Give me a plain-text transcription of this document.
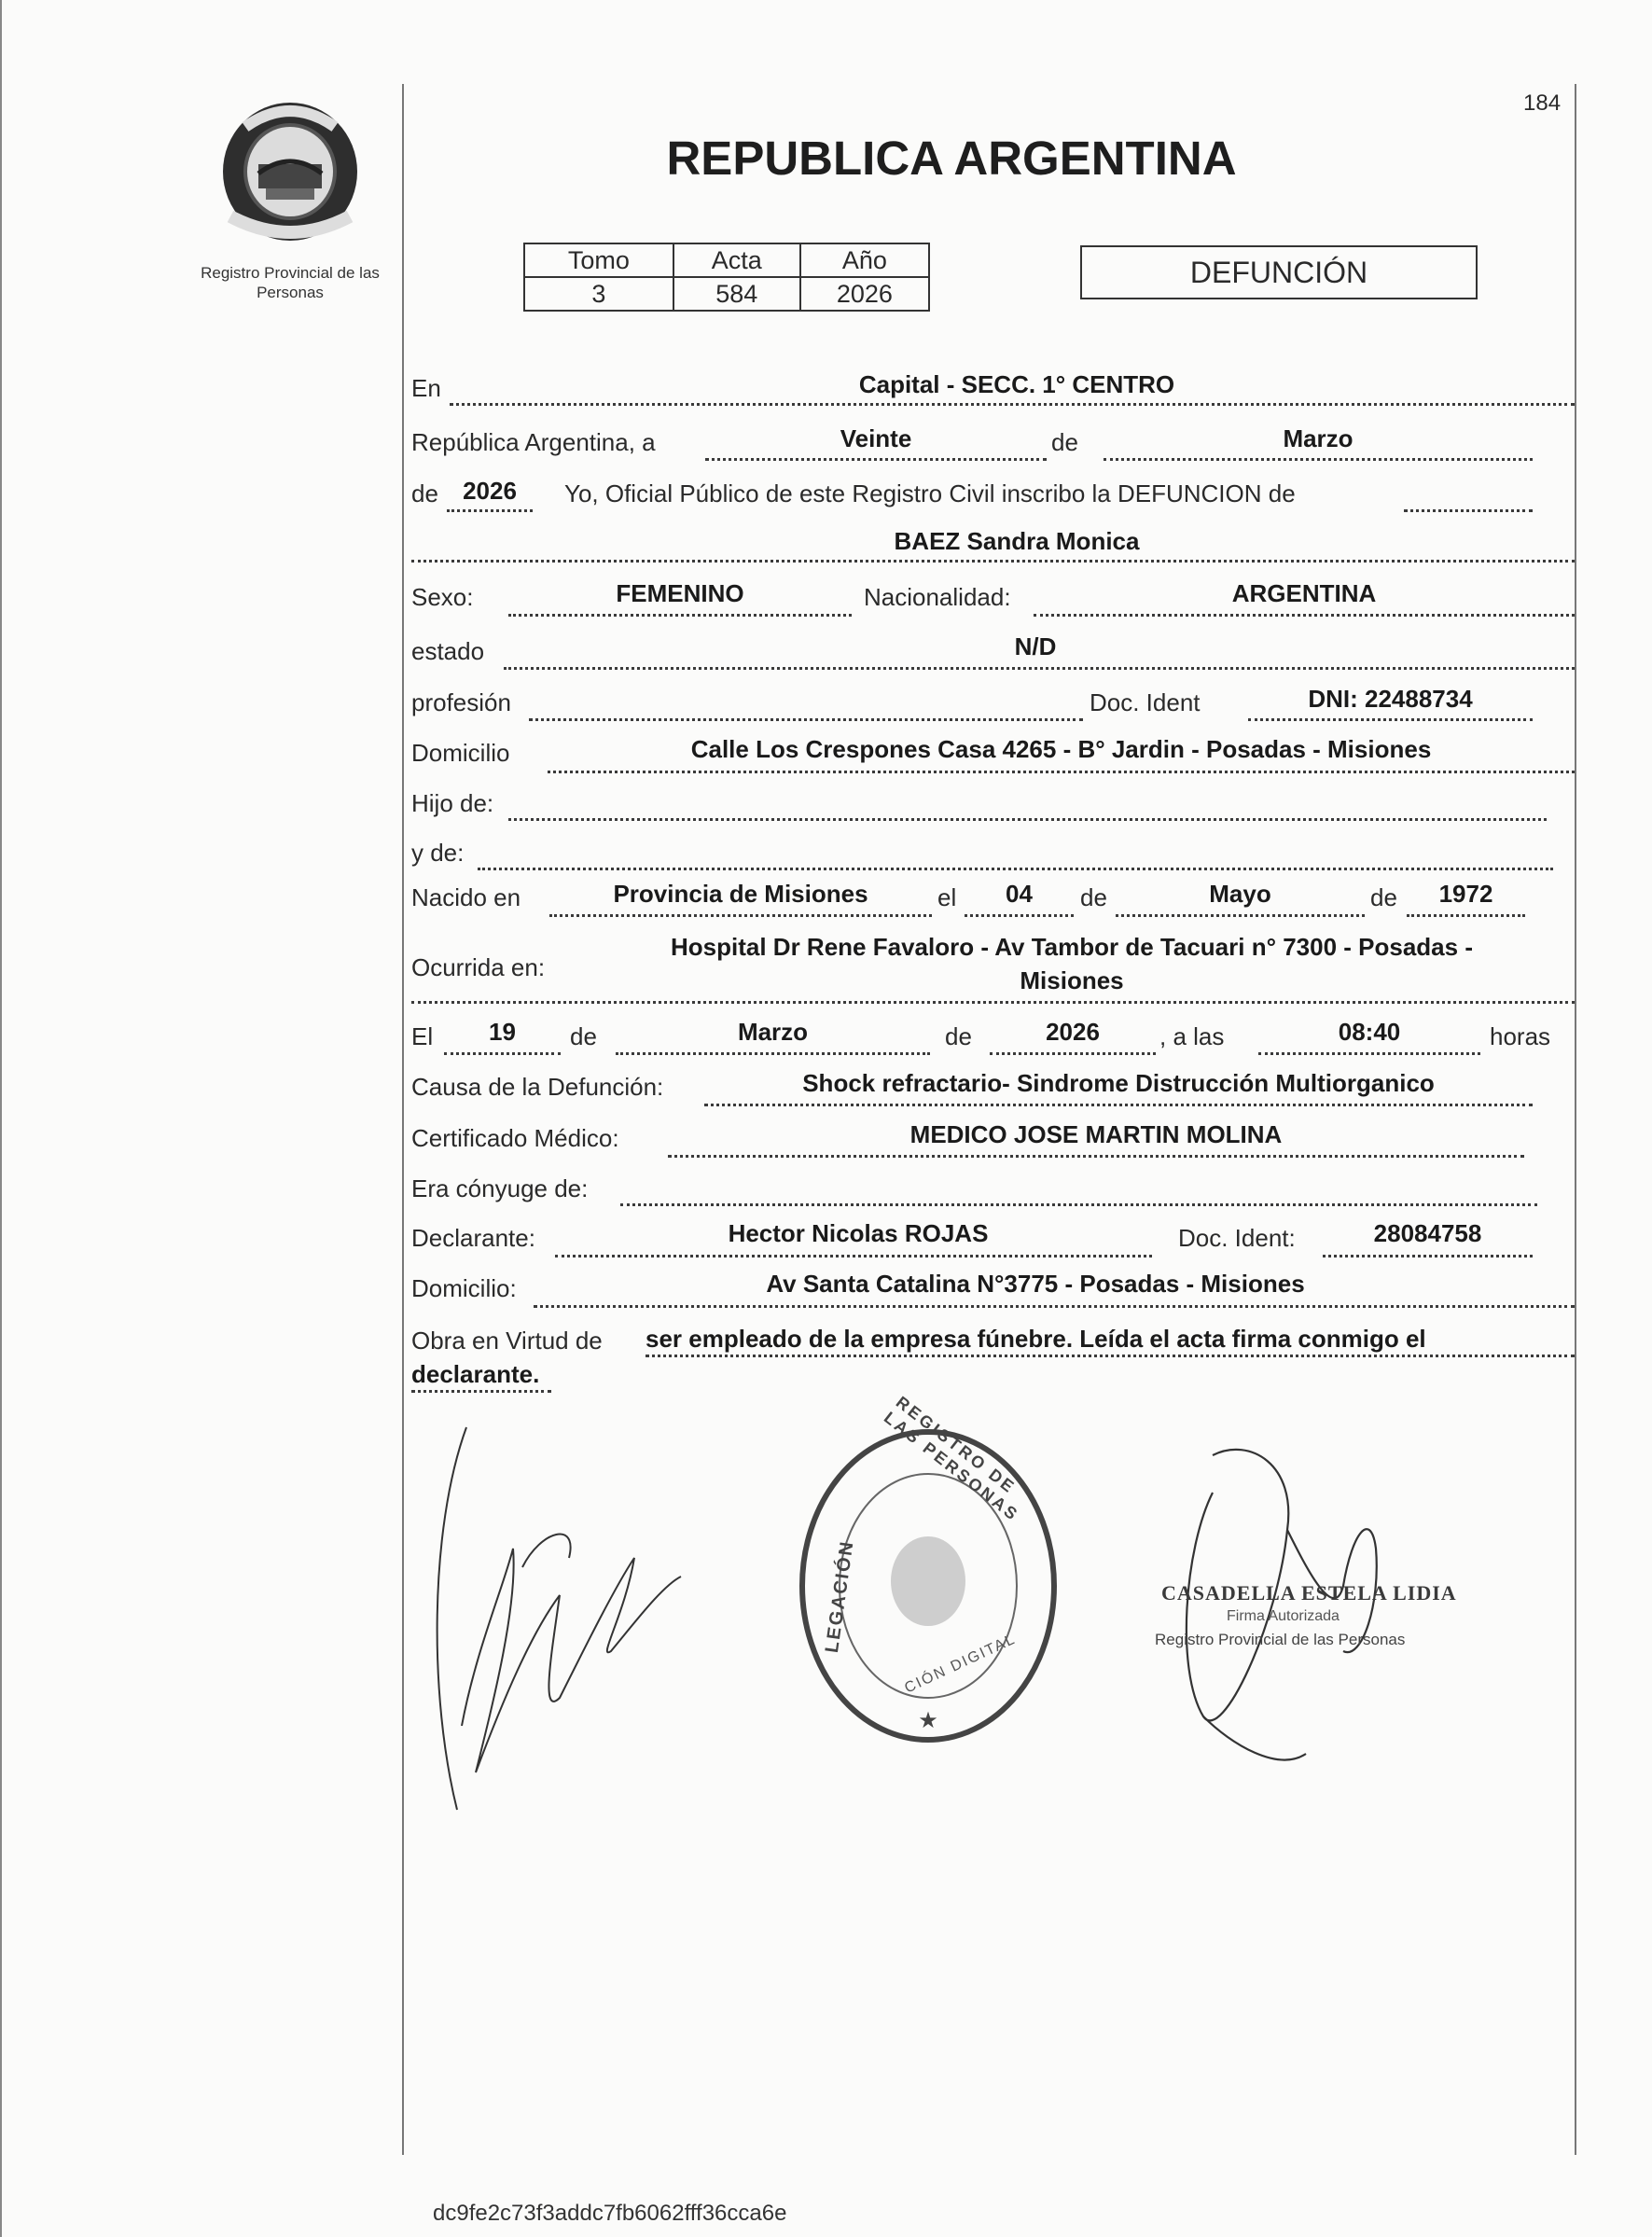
184
Registro Provincial de las Personas
REPUBLICA ARGENTINA
Tomo	Acta	Año
3	584	2026
DEFUNCIÓN
En	Capital - SECC. 1° CENTRO
República Argentina, a	Veinte	de	Marzo
de	2026	Yo, Oficial Público de este Registro Civil inscribo la DEFUNCION de
BAEZ Sandra Monica
Sexo:	FEMENINO	Nacionalidad:	ARGENTINA
estado	N/D
profesión	Doc. Ident	DNI: 22488734
Domicilio	Calle Los Crespones Casa 4265 - B° Jardin - Posadas - Misiones
Hijo de:
y de:
Nacido en	Provincia de Misiones	el	04	de	Mayo	de	1972
Ocurrida en:
Hospital Dr Rene Favaloro - Av Tambor de Tacuari n° 7300 - Posadas -
Misiones
El	19	de	Marzo	de	2026	, a las	08:40	horas
Causa de la Defunción:	Shock refractario- Sindrome Distrucción Multiorganico
Certificado Médico:	MEDICO JOSE MARTIN MOLINA
Era cónyuge de:
Declarante:	Hector Nicolas ROJAS	Doc. Ident:	28084758
Domicilio:	Av Santa Catalina N°3775 - Posadas - Misiones
Obra en Virtud de ser empleado de la empresa fúnebre. Leída el acta firma conmigo el
declarante.
★
REGISTRO DE LAS PERSONAS
LEGACIÓN
CIÓN DIGITAL
CASADELLA ESTELA LIDIA
Firma Autorizada
Registro Provincial de las Personas
dc9fe2c73f3addc7fb6062fff36cca6e
